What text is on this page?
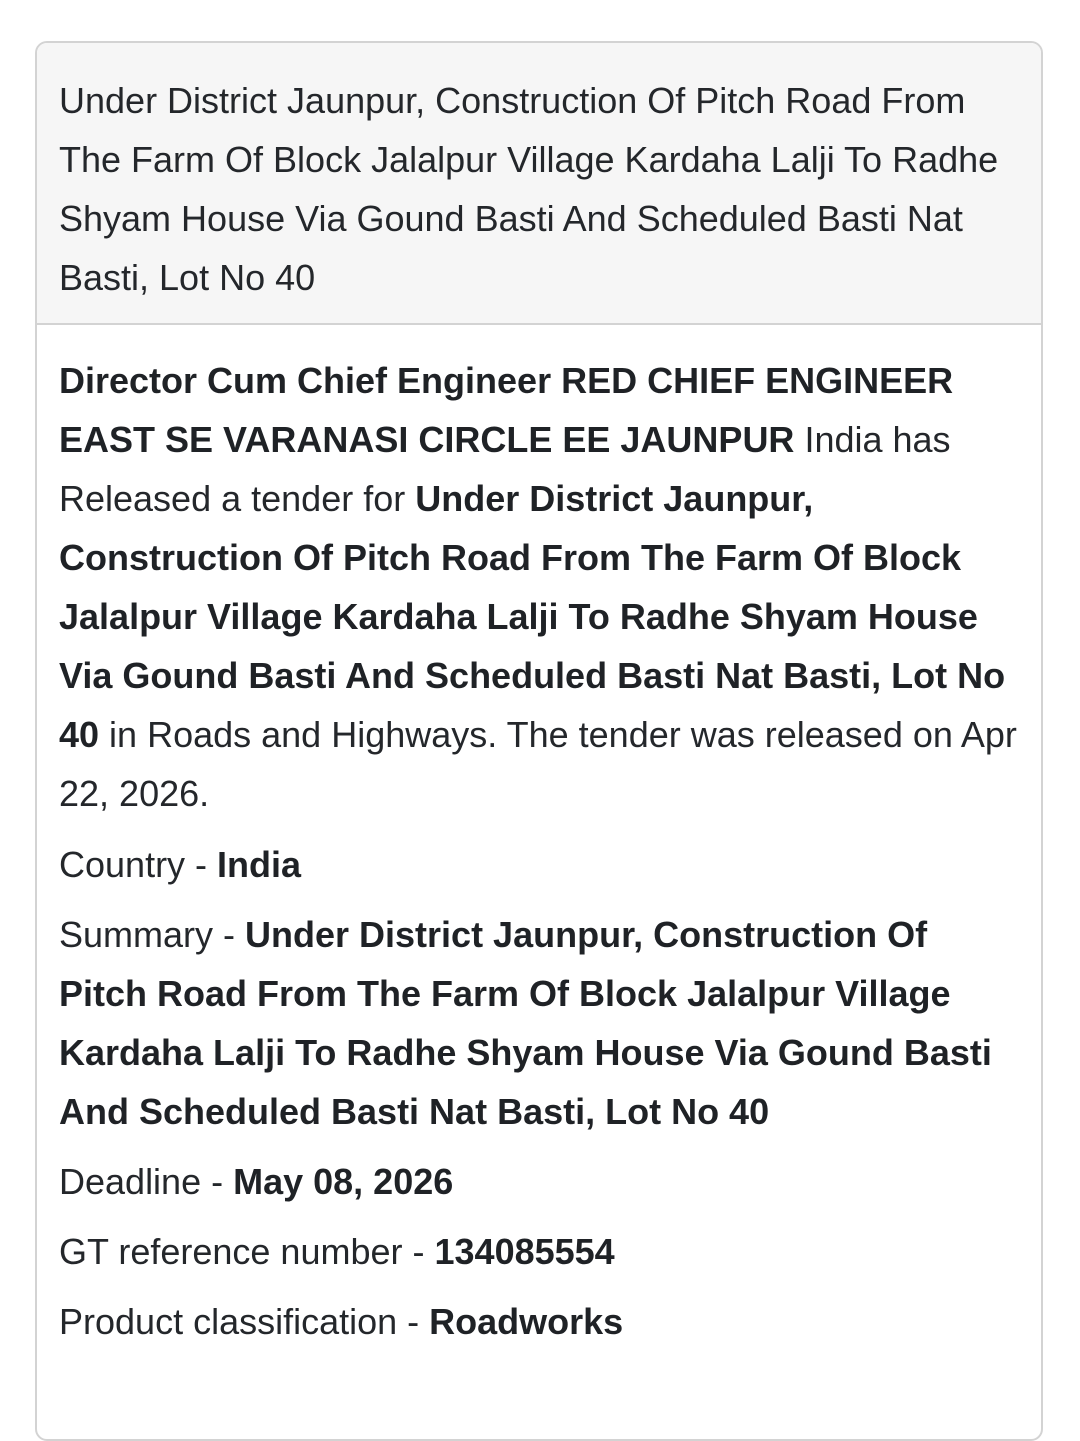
Under District Jaunpur, Construction Of Pitch Road From The Farm Of Block Jalalpur Village Kardaha Lalji To Radhe Shyam House Via Gound Basti And Scheduled Basti Nat Basti, Lot No 40

Director Cum Chief Engineer RED CHIEF ENGINEER EAST SE VARANASI CIRCLE EE JAUNPUR India has Released a tender for Under District Jaunpur, Construction Of Pitch Road From The Farm Of Block Jalalpur Village Kardaha Lalji To Radhe Shyam House Via Gound Basti And Scheduled Basti Nat Basti, Lot No 40 in Roads and Highways. The tender was released on Apr 22, 2026.

Country - India

Summary - Under District Jaunpur, Construction Of Pitch Road From The Farm Of Block Jalalpur Village Kardaha Lalji To Radhe Shyam House Via Gound Basti And Scheduled Basti Nat Basti, Lot No 40

Deadline - May 08, 2026

GT reference number - 134085554

Product classification - Roadworks
